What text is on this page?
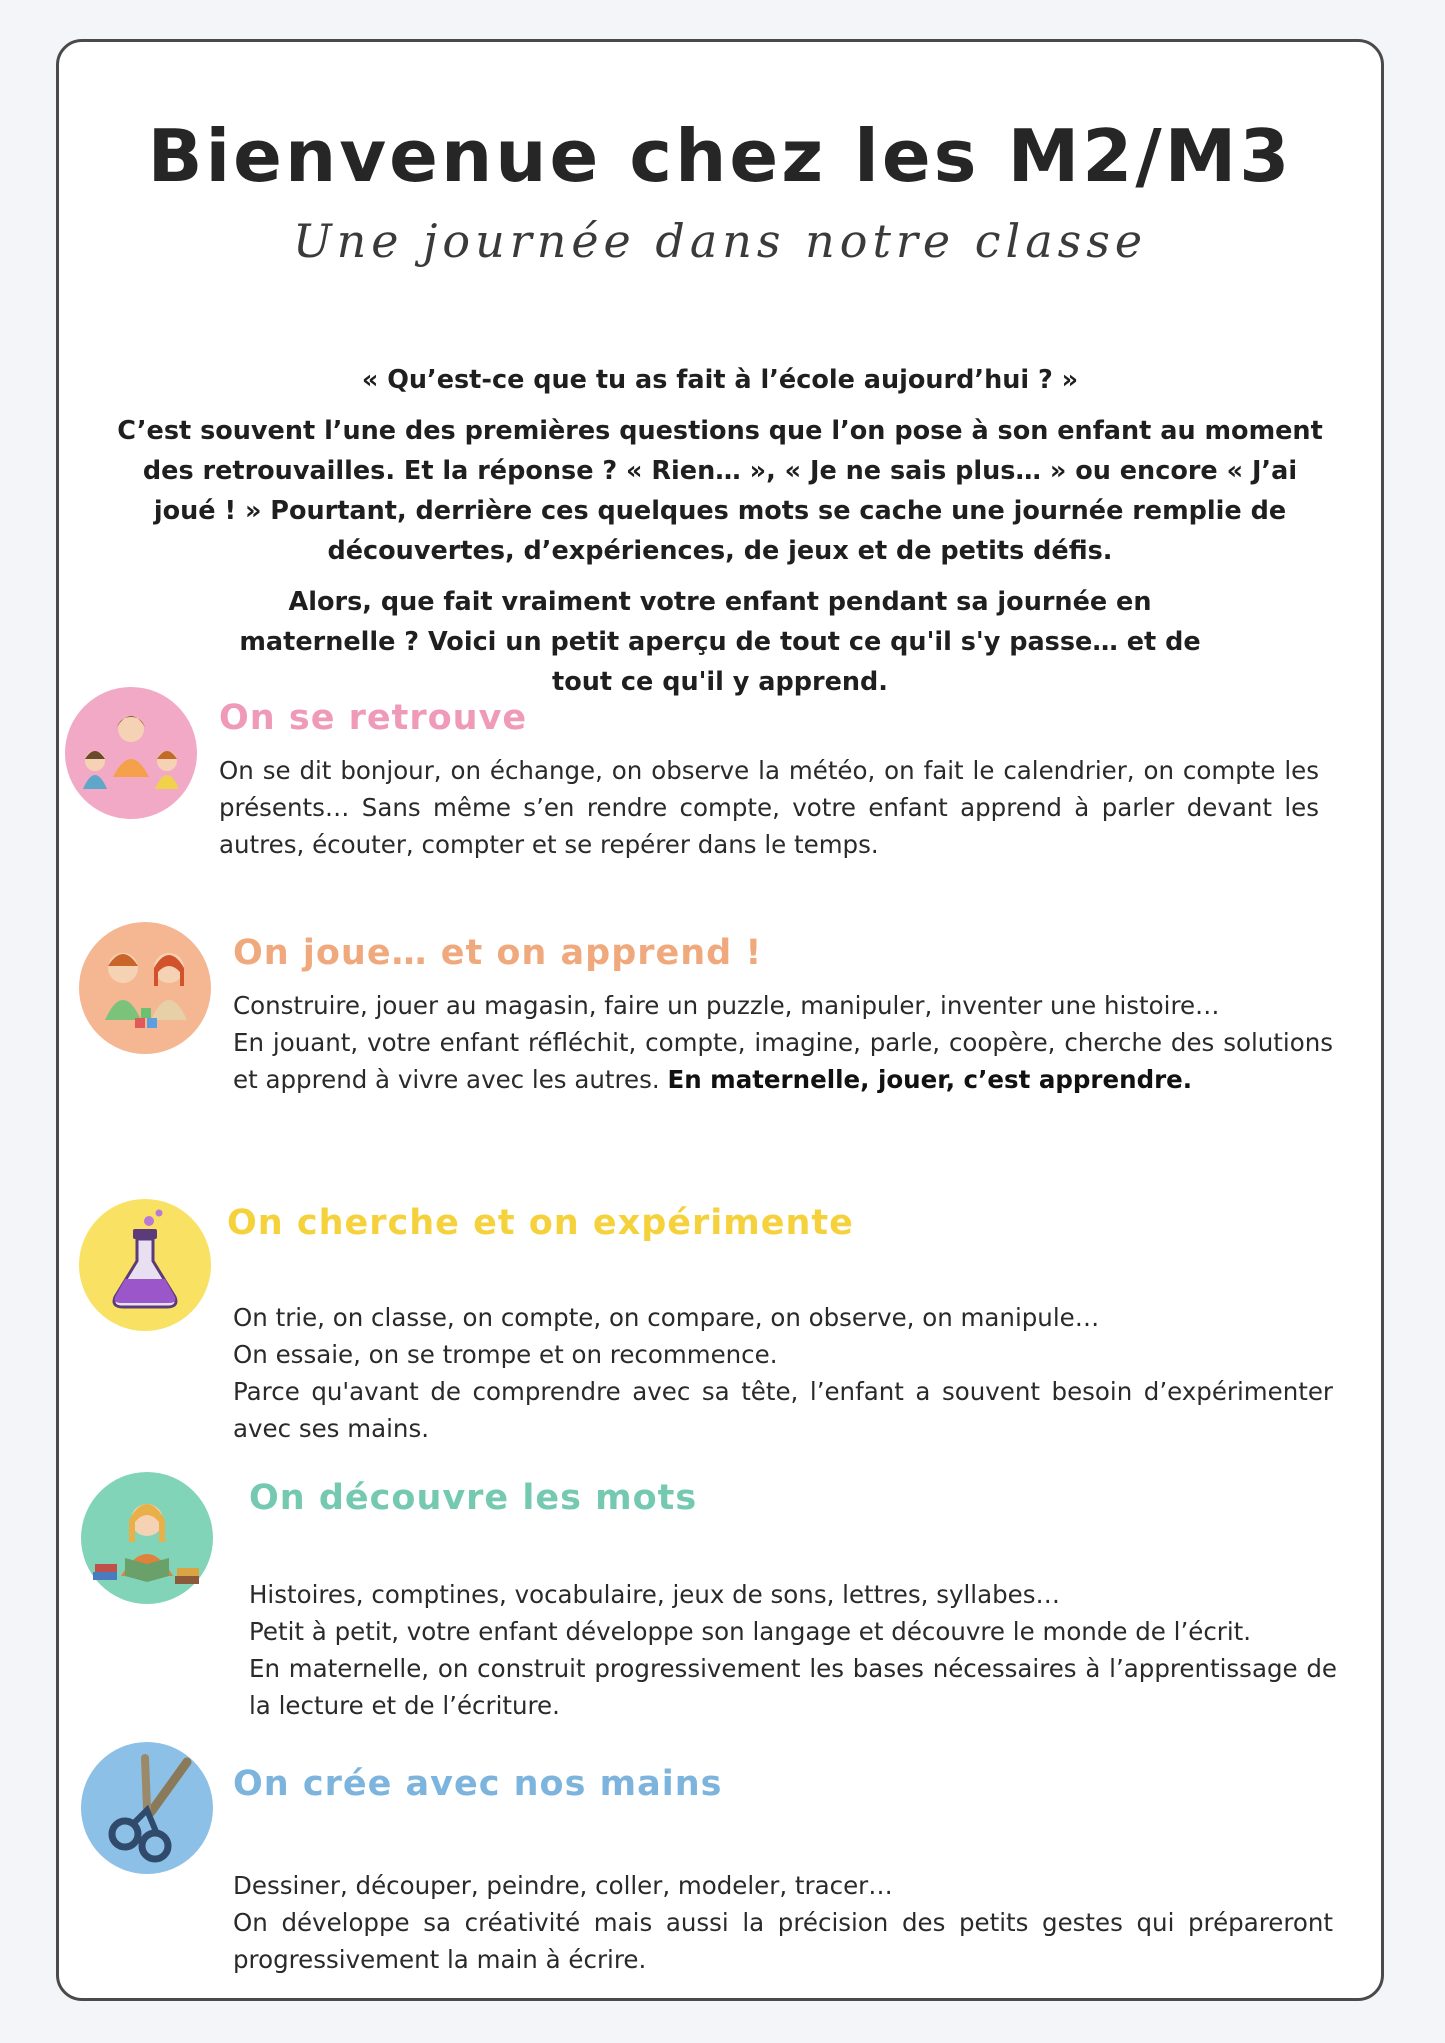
Bienvenue chez les M2/M3
Une journée dans notre classe

« Qu’est-ce que tu as fait à l’école aujourd’hui ? »

C’est souvent l’une des premières questions que l’on pose à son enfant au moment des retrouvailles. Et la réponse ? « Rien… », « Je ne sais plus… » ou encore « J’ai joué ! » Pourtant, derrière ces quelques mots se cache une journée remplie de découvertes, d’expériences, de jeux et de petits défis.

Alors, que fait vraiment votre enfant pendant sa journée en maternelle ? Voici un petit aperçu de tout ce qu'il s'y passe… et de tout ce qu'il y apprend.

On se retrouve

On se dit bonjour, on échange, on observe la météo, on fait le calendrier, on compte les présents… Sans même s’en rendre compte, votre enfant apprend à parler devant les autres, écouter, compter et se repérer dans le temps.

On joue… et on apprend !

Construire, jouer au magasin, faire un puzzle, manipuler, inventer une histoire…

En jouant, votre enfant réfléchit, compte, imagine, parle, coopère, cherche des solutions et apprend à vivre avec les autres. En maternelle, jouer, c’est apprendre.

On cherche et on expérimente

On trie, on classe, on compte, on compare, on observe, on manipule…

On essaie, on se trompe et on recommence.

Parce qu'avant de comprendre avec sa tête, l’enfant a souvent besoin d’expérimenter avec ses mains.

On découvre les mots

Histoires, comptines, vocabulaire, jeux de sons, lettres, syllabes…

Petit à petit, votre enfant développe son langage et découvre le monde de l’écrit.

En maternelle, on construit progressivement les bases nécessaires à l’apprentissage de la lecture et de l’écriture.

On crée avec nos mains

Dessiner, découper, peindre, coller, modeler, tracer…

On développe sa créativité mais aussi la précision des petits gestes qui prépareront progressivement la main à écrire.
